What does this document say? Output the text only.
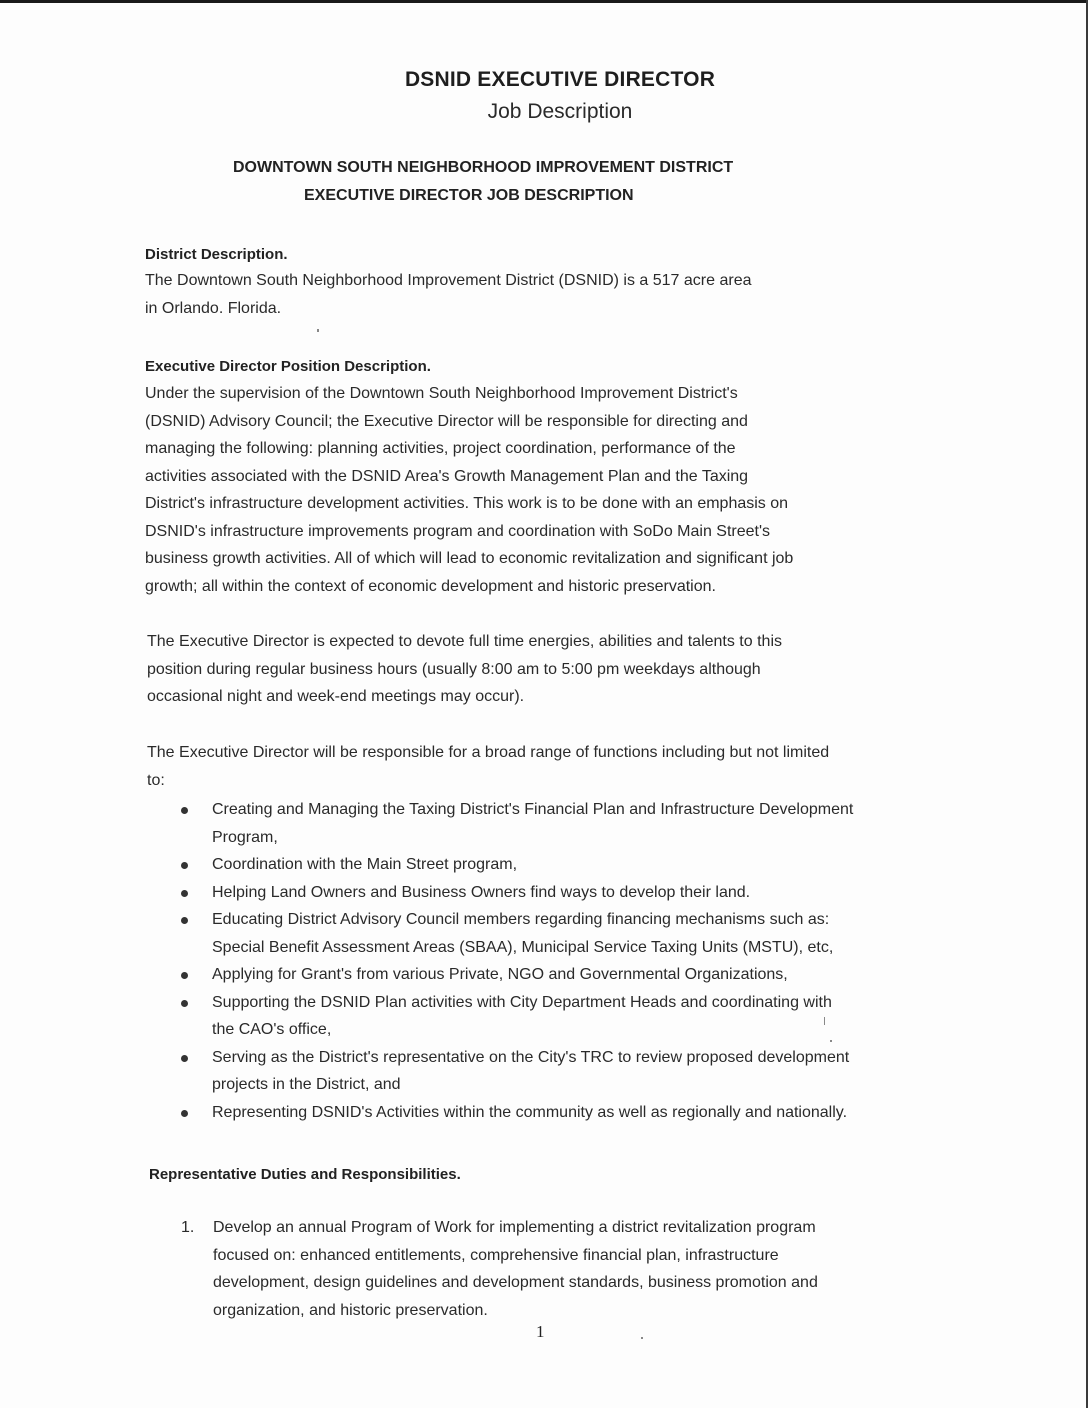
DSNID EXECUTIVE DIRECTOR
Job Description
DOWNTOWN SOUTH NEIGHBORHOOD IMPROVEMENT DISTRICT
EXECUTIVE DIRECTOR JOB DESCRIPTION
District Description.
The Downtown South Neighborhood Improvement District (DSNID) is a 517 acre area
in Orlando. Florida.
Executive Director Position Description.
Under the supervision of the Downtown South Neighborhood Improvement District's
(DSNID) Advisory Council; the Executive Director will be responsible for directing and
managing the following: planning activities, project coordination, performance of the
activities associated with the DSNID Area's Growth Management Plan and the Taxing
District's infrastructure development activities. This work is to be done with an emphasis on
DSNID's infrastructure improvements program and coordination with SoDo Main Street's
business growth activities. All of which will lead to economic revitalization and significant job
growth; all within the context of economic development and historic preservation.
The Executive Director is expected to devote full time energies, abilities and talents to this
position during regular business hours (usually 8:00 am to 5:00 pm weekdays although
occasional night and week-end meetings may occur).
The Executive Director will be responsible for a broad range of functions including but not limited
to:
Creating and Managing the Taxing District's Financial Plan and Infrastructure Development
Program,
Coordination with the Main Street program,
Helping Land Owners and Business Owners find ways to develop their land.
Educating District Advisory Council members regarding financing mechanisms such as:
Special Benefit Assessment Areas (SBAA), Municipal Service Taxing Units (MSTU), etc,
Applying for Grant's from various Private, NGO and Governmental Organizations,
Supporting the DSNID Plan activities with City Department Heads and coordinating with
the CAO's office,
Serving as the District's representative on the City's TRC to review proposed development
projects in the District, and
Representing DSNID's Activities within the community as well as regionally and nationally.
Representative Duties and Responsibilities.
1. Develop an annual Program of Work for implementing a district revitalization program
focused on: enhanced entitlements, comprehensive financial plan, infrastructure
development, design guidelines and development standards, business promotion and
organization, and historic preservation.
1
